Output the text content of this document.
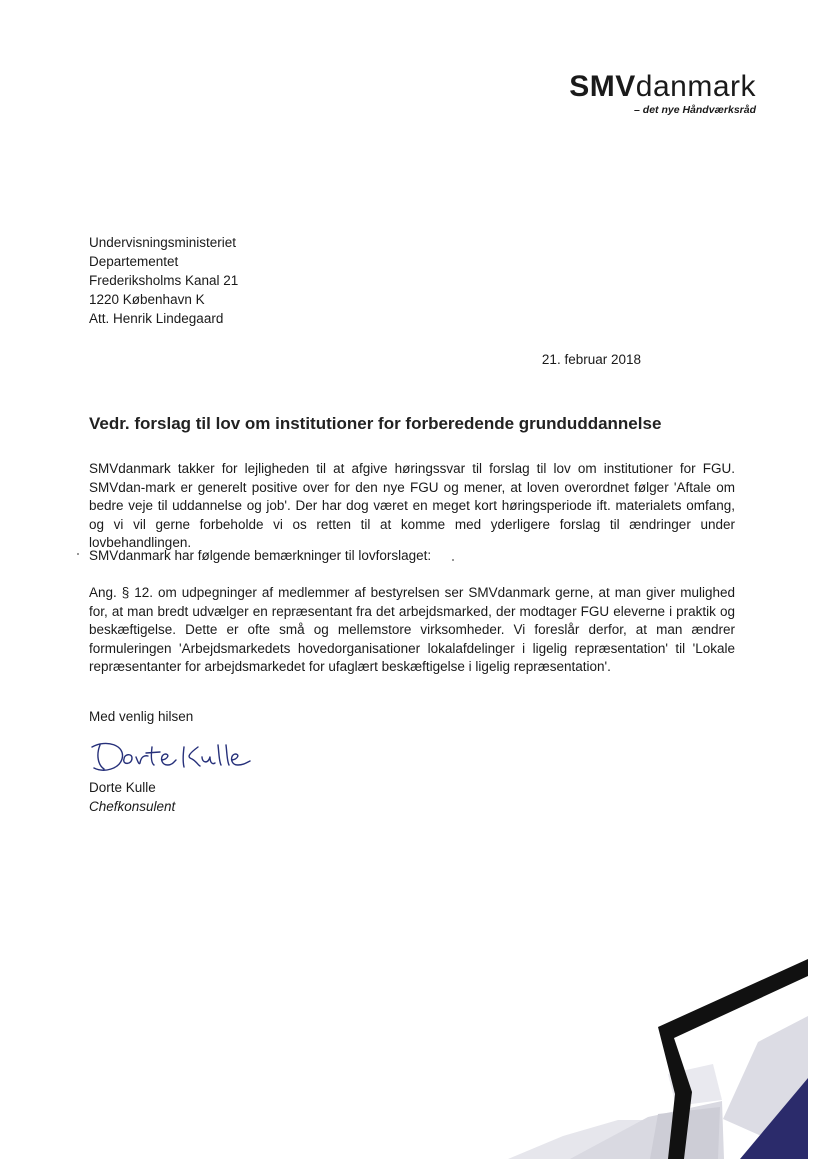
SMVdanmark
– det nye Håndværksråd
Undervisningsministeriet
Departementet
Frederiksholms Kanal 21
1220 København K
Att. Henrik Lindegaard
21. februar 2018
Vedr. forslag til lov om institutioner for forberedende grunduddannelse

SMVdanmark takker for lejligheden til at afgive høringssvar til forslag til lov om institutioner for FGU. SMVdan-mark er generelt positive over for den nye FGU og mener, at loven overordnet følger 'Aftale om bedre veje til uddannelse og job'. Der har dog været en meget kort høringsperiode ift. materialets omfang, og vi vil gerne forbeholde vi os retten til at komme med yderligere forslag til ændringer under lovbehandlingen.

SMVdanmark har følgende bemærkninger til lovforslaget:

Ang. § 12. om udpegninger af medlemmer af bestyrelsen ser SMVdanmark gerne, at man giver mulighed for, at man bredt udvælger en repræsentant fra det arbejdsmarked, der modtager FGU eleverne i praktik og beskæftigelse. Dette er ofte små og mellemstore virksomheder. Vi foreslår derfor, at man ændrer formuleringen 'Arbejdsmarkedets hovedorganisationer lokalafdelinger i ligelig repræsentation' til 'Lokale repræsentanter for arbejdsmarkedet for ufaglært beskæftigelse i ligelig repræsentation'.

Med venlig hilsen
Dorte Kulle
Chefkonsulent
